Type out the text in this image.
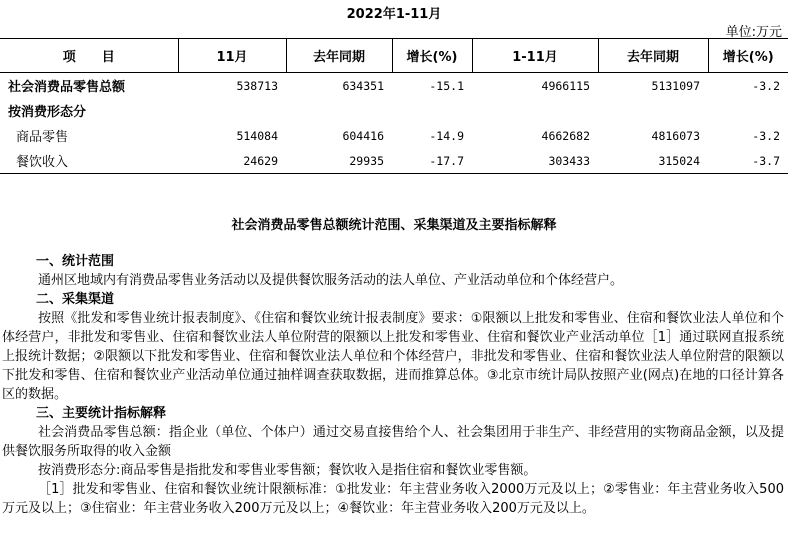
2022年1-11月
单位:万元
项　　目	11月	去年同期	增长(%)	1-11月	去年同期	增长(%)
社会消费品零售总额	538713	634351	-15.1	4966115	5131097	-3.2
按消费形态分						
商品零售	514084	604416	-14.9	4662682	4816073	-3.2
餐饮收入	24629	29935	-17.7	303433	315024	-3.7
社会消费品零售总额统计范围、采集渠道及主要指标解释
一、统计范围
通州区地域内有消费品零售业务活动以及提供餐饮服务活动的法人单位、产业活动单位和个体经营户。
二、采集渠道
按照《批发和零售业统计报表制度》、《住宿和餐饮业统计报表制度》要求：①限额以上批发和零售业、住宿和餐饮业法人单位和个体经营户，非批发和零售业、住宿和餐饮业法人单位附营的限额以上批发和零售业、住宿和餐饮业产业活动单位［1］通过联网直报系统上报统计数据；②限额以下批发和零售业、住宿和餐饮业法人单位和个体经营户，非批发和零售业、住宿和餐饮业法人单位附营的限额以下批发和零售、住宿和餐饮业产业活动单位通过抽样调查获取数据，进而推算总体。③北京市统计局队按照产业(网点)在地的口径计算各区的数据。
三、主要统计指标解释
社会消费品零售总额：指企业（单位、个体户）通过交易直接售给个人、社会集团用于非生产、非经营用的实物商品金额，以及提供餐饮服务所取得的收入金额
按消费形态分:商品零售是指批发和零售业零售额；餐饮收入是指住宿和餐饮业零售额。
［1］批发和零售业、住宿和餐饮业统计限额标准：①批发业：年主营业务收入2000万元及以上；②零售业：年主营业务收入500万元及以上；③住宿业：年主营业务收入200万元及以上；④餐饮业：年主营业务收入200万元及以上。
